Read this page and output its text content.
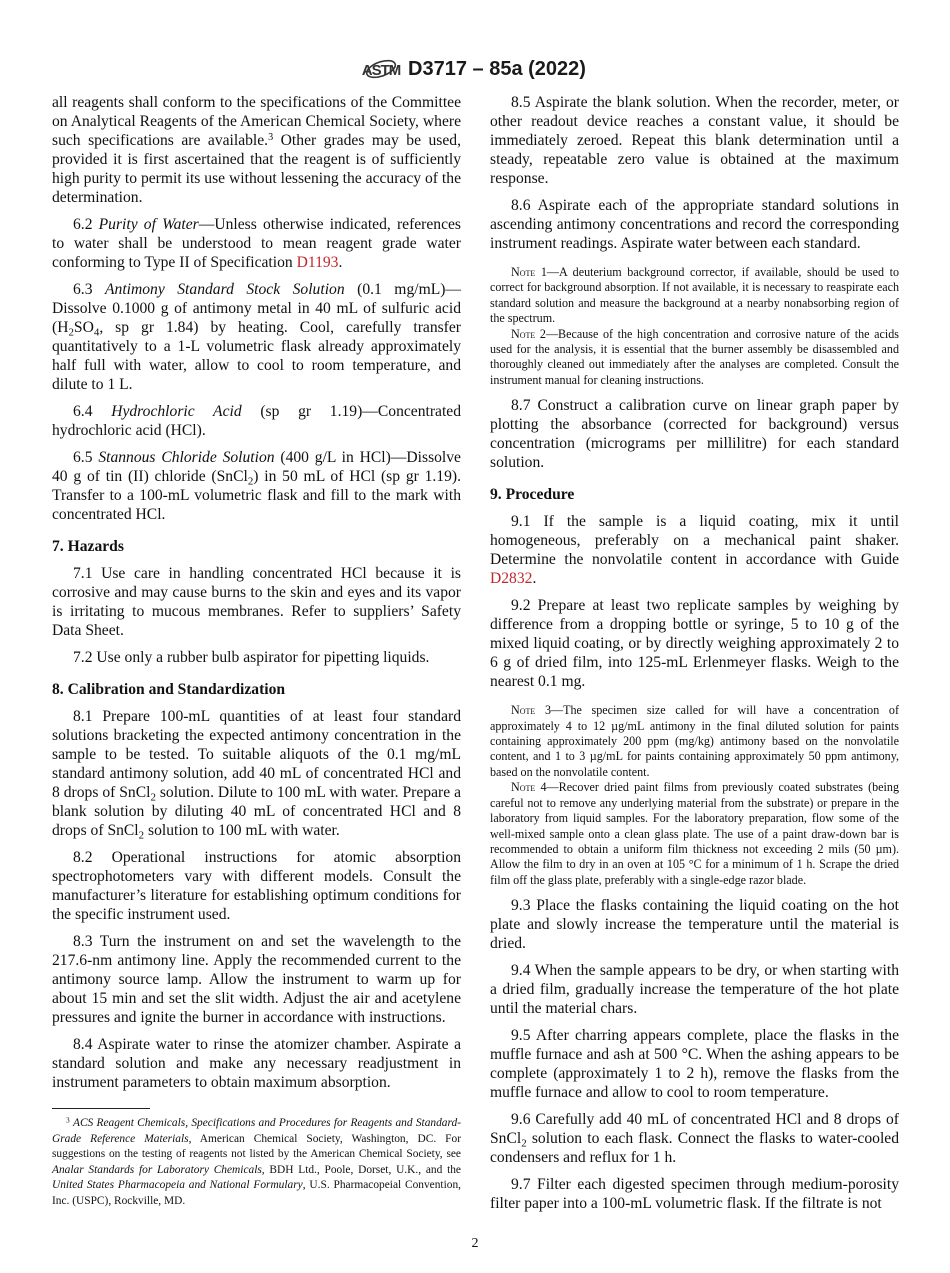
ASTM D3717 – 85a (2022)

all reagents shall conform to the specifications of the Committee on Analytical Reagents of the American Chemical Society, where such specifications are available.$^3$ Other grades may be used, provided it is first ascertained that the reagent is of sufficiently high purity to permit its use without lessening the accuracy of the determination.

6.2 Purity of Water—Unless otherwise indicated, references to water shall be understood to mean reagent grade water conforming to Type II of Specification D1193.

6.3 Antimony Standard Stock Solution (0.1 mg/mL)—Dissolve 0.1000 g of antimony metal in 40 mL of sulfuric acid ($H_2SO_4$, sp gr 1.84) by heating. Cool, carefully transfer quantitatively to a 1-L volumetric flask already approximately half full with water, allow to cool to room temperature, and dilute to 1 L.

6.4 Hydrochloric Acid (sp gr 1.19)—Concentrated hydrochloric acid (HCl).

6.5 Stannous Chloride Solution (400 g/L in HCl)—Dissolve 40 g of tin (II) chloride (SnCl$_2$) in 50 mL of HCl (sp gr 1.19). Transfer to a 100-mL volumetric flask and fill to the mark with concentrated HCl.

7. Hazards

7.1 Use care in handling concentrated HCl because it is corrosive and may cause burns to the skin and eyes and its vapor is irritating to mucous membranes. Refer to suppliers’ Safety Data Sheet.

7.2 Use only a rubber bulb aspirator for pipetting liquids.

8. Calibration and Standardization

8.1 Prepare 100-mL quantities of at least four standard solutions bracketing the expected antimony concentration in the sample to be tested. To suitable aliquots of the 0.1 mg/mL standard antimony solution, add 40 mL of concentrated HCl and 8 drops of SnCl$_2$ solution. Dilute to 100 mL with water. Prepare a blank solution by diluting 40 mL of concentrated HCl and 8 drops of SnCl$_2$ solution to 100 mL with water.

8.2 Operational instructions for atomic absorption spectrophotometers vary with different models. Consult the manufacturer’s literature for establishing optimum conditions for the specific instrument used.

8.3 Turn the instrument on and set the wavelength to the 217.6-nm antimony line. Apply the recommended current to the antimony source lamp. Allow the instrument to warm up for about 15 min and set the slit width. Adjust the air and acetylene pressures and ignite the burner in accordance with instructions.

8.4 Aspirate water to rinse the atomizer chamber. Aspirate a standard solution and make any necessary readjustment in instrument parameters to obtain maximum absorption.

$^3$ ACS Reagent Chemicals, Specifications and Procedures for Reagents and Standard-Grade Reference Materials, American Chemical Society, Washington, DC. For suggestions on the testing of reagents not listed by the American Chemical Society, see Analar Standards for Laboratory Chemicals, BDH Ltd., Poole, Dorset, U.K., and the United States Pharmacopeia and National Formulary, U.S. Pharmacopeial Convention, Inc. (USPC), Rockville, MD.

8.5 Aspirate the blank solution. When the recorder, meter, or other readout device reaches a constant value, it should be immediately zeroed. Repeat this blank determination until a steady, repeatable zero value is obtained at the maximum response.

8.6 Aspirate each of the appropriate standard solutions in ascending antimony concentrations and record the corresponding instrument readings. Aspirate water between each standard.

Note 1—A deuterium background corrector, if available, should be used to correct for background absorption. If not available, it is necessary to reaspirate each standard solution and measure the background at a nearby nonabsorbing region of the spectrum.

Note 2—Because of the high concentration and corrosive nature of the acids used for the analysis, it is essential that the burner assembly be disassembled and thoroughly cleaned out immediately after the analyses are completed. Consult the instrument manual for cleaning instructions.

8.7 Construct a calibration curve on linear graph paper by plotting the absorbance (corrected for background) versus concentration (micrograms per millilitre) for each standard solution.

9. Procedure

9.1 If the sample is a liquid coating, mix it until homogeneous, preferably on a mechanical paint shaker. Determine the nonvolatile content in accordance with Guide D2832.

9.2 Prepare at least two replicate samples by weighing by difference from a dropping bottle or syringe, 5 to 10 g of the mixed liquid coating, or by directly weighing approximately 2 to 6 g of dried film, into 125-mL Erlenmeyer flasks. Weigh to the nearest 0.1 mg.

Note 3—The specimen size called for will have a concentration of approximately 4 to 12 µg/mL antimony in the final diluted solution for paints containing approximately 200 ppm (mg/kg) antimony based on the nonvolatile content, and 1 to 3 µg/mL for paints containing approximately 50 ppm antimony, based on the nonvolatile content.

Note 4—Recover dried paint films from previously coated substrates (being careful not to remove any underlying material from the substrate) or prepare in the laboratory from liquid samples. For the laboratory preparation, flow some of the well-mixed sample onto a clean glass plate. The use of a paint draw-down bar is recommended to obtain a uniform film thickness not exceeding 2 mils (50 µm). Allow the film to dry in an oven at 105 °C for a minimum of 1 h. Scrape the dried film off the glass plate, preferably with a single-edge razor blade.

9.3 Place the flasks containing the liquid coating on the hot plate and slowly increase the temperature until the material is dried.

9.4 When the sample appears to be dry, or when starting with a dried film, gradually increase the temperature of the hot plate until the material chars.

9.5 After charring appears complete, place the flasks in the muffle furnace and ash at 500 °C. When the ashing appears to be complete (approximately 1 to 2 h), remove the flasks from the muffle furnace and allow to cool to room temperature.

9.6 Carefully add 40 mL of concentrated HCl and 8 drops of SnCl$_2$ solution to each flask. Connect the flasks to water-cooled condensers and reflux for 1 h.

9.7 Filter each digested specimen through medium-porosity filter paper into a 100-mL volumetric flask. If the filtrate is not

2
